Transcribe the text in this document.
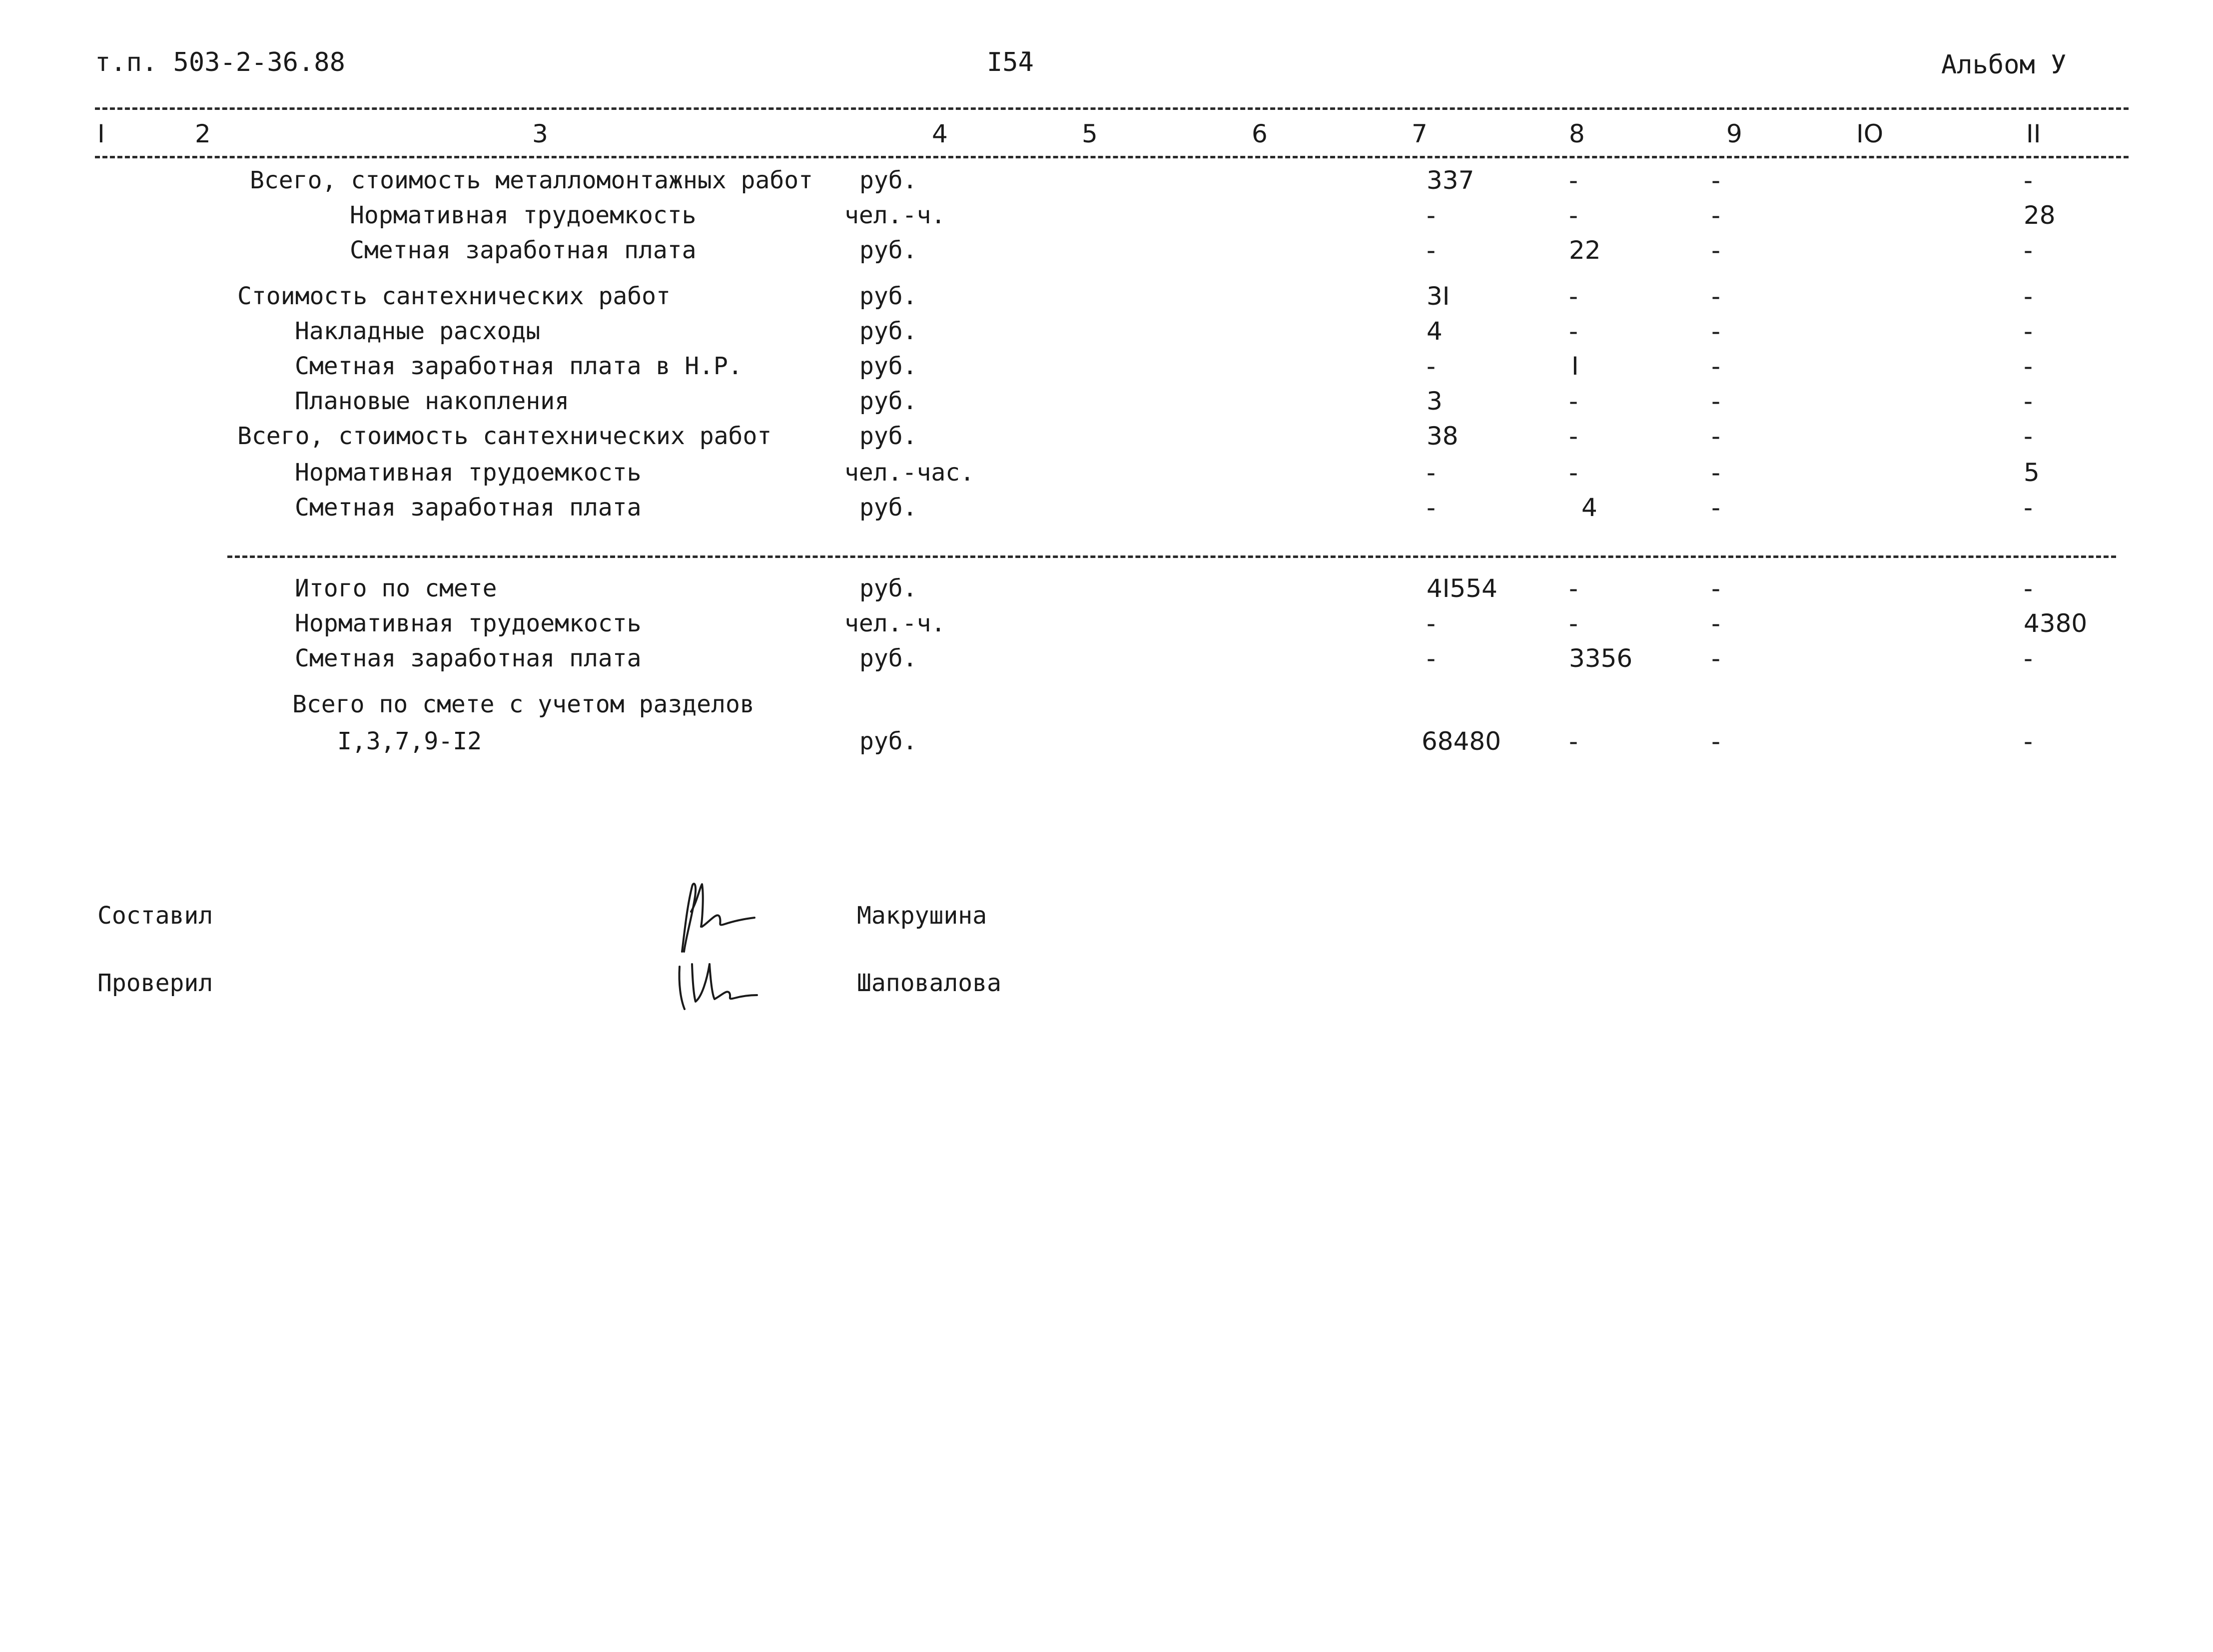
т.п. 503-2-36.88	I5̄4	Альбом У
I	2	3	4	5	6	7	8	9	IO	II
Всего, стоимость металломонтажных работ руб.	337	-	-	-
Нормативная трудоемкость	чел.-ч.	-	-	-	28
Сметная заработная плата	руб.	-	22	-	-
Стоимость сантехнических работ	руб.	3I	-	-	-
Накладные расходы	руб.	4	-	-	-
Сметная заработная плата в Н.Р.	руб.	-	I	-	-
Плановые накопления	руб.	3	-	-	-
Всего, стоимость сантехнических работ	руб.	38	-	-	-
Нормативная трудоемкость	чел.-час.	-	-	-	5
Сметная заработная плата	руб.	-	4	-	-
Итого по смете	руб.	4I554	-	-	-
Нормативная трудоемкость	чел.-ч.	-	-	-	4380
Сметная заработная плата	руб.	-	3356	-	-
Всего по смете с учетом разделов
I,3,7,9-I2	руб.	68480	-	-	-
Составил	Макрушина
Проверил	Шаповалова
